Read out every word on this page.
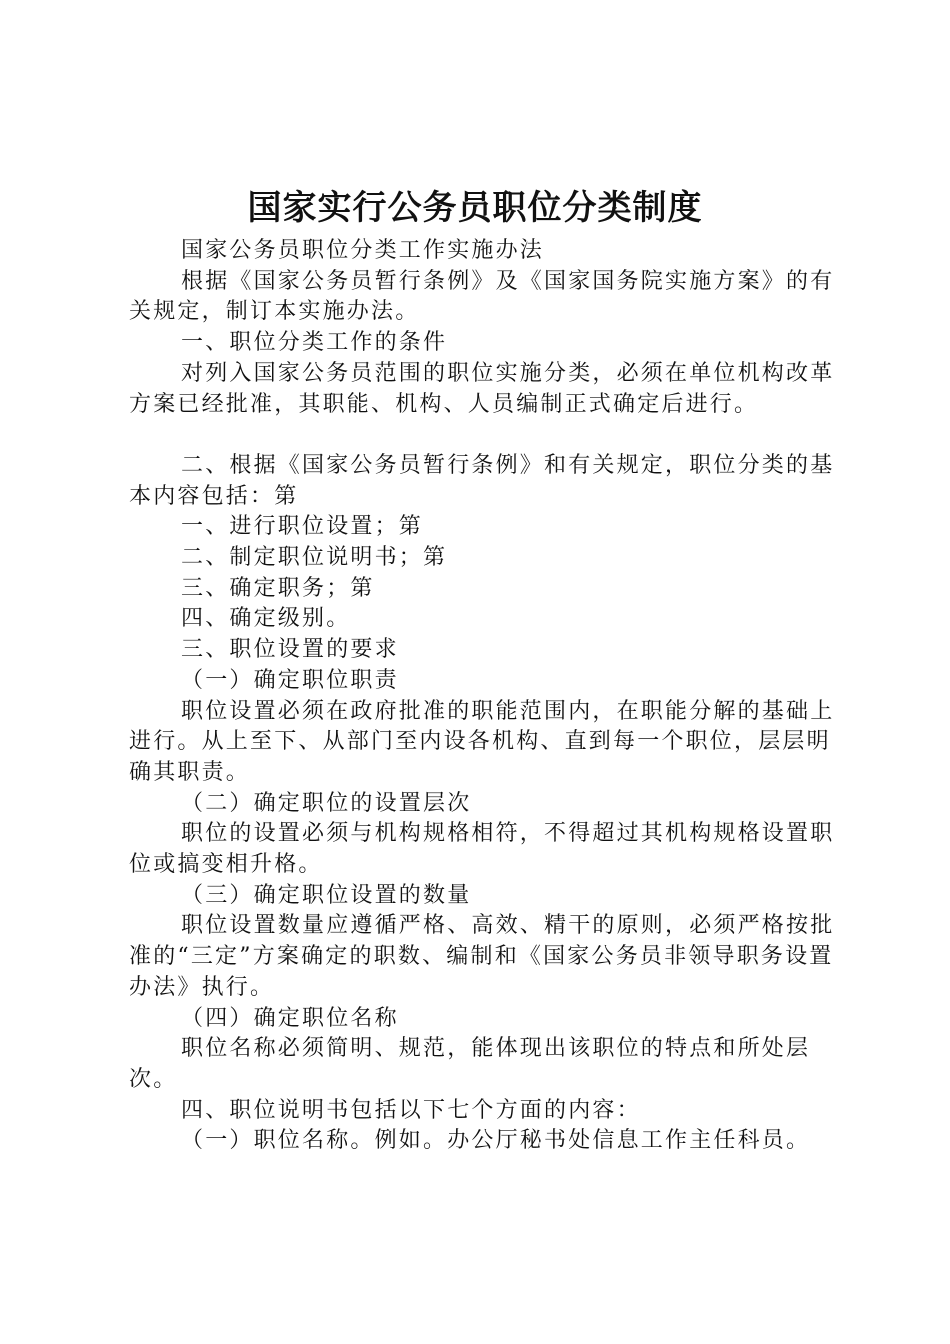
国家实行公务员职位分类制度

国家公务员职位分类工作实施办法

根据《国家公务员暂行条例》及《国家国务院实施方案》的有关规定，制订本实施办法。

一、职位分类工作的条件

对列入国家公务员范围的职位实施分类，必须在单位机构改革方案已经批准，其职能、机构、人员编制正式确定后进行。

二、根据《国家公务员暂行条例》和有关规定，职位分类的基本内容包括：第

一、进行职位设置；第

二、制定职位说明书；第

三、确定职务；第

四、确定级别。

三、职位设置的要求

（一）确定职位职责

职位设置必须在政府批准的职能范围内，在职能分解的基础上进行。从上至下、从部门至内设各机构、直到每一个职位，层层明确其职责。

（二）确定职位的设置层次

职位的设置必须与机构规格相符，不得超过其机构规格设置职位或搞变相升格。

（三）确定职位设置的数量

职位设置数量应遵循严格、高效、精干的原则，必须严格按批准的“三定”方案确定的职数、编制和《国家公务员非领导职务设置办法》执行。

（四）确定职位名称

职位名称必须简明、规范，能体现出该职位的特点和所处层次。

四、职位说明书包括以下七个方面的内容：

（一）职位名称。例如。办公厅秘书处信息工作主任科员。
